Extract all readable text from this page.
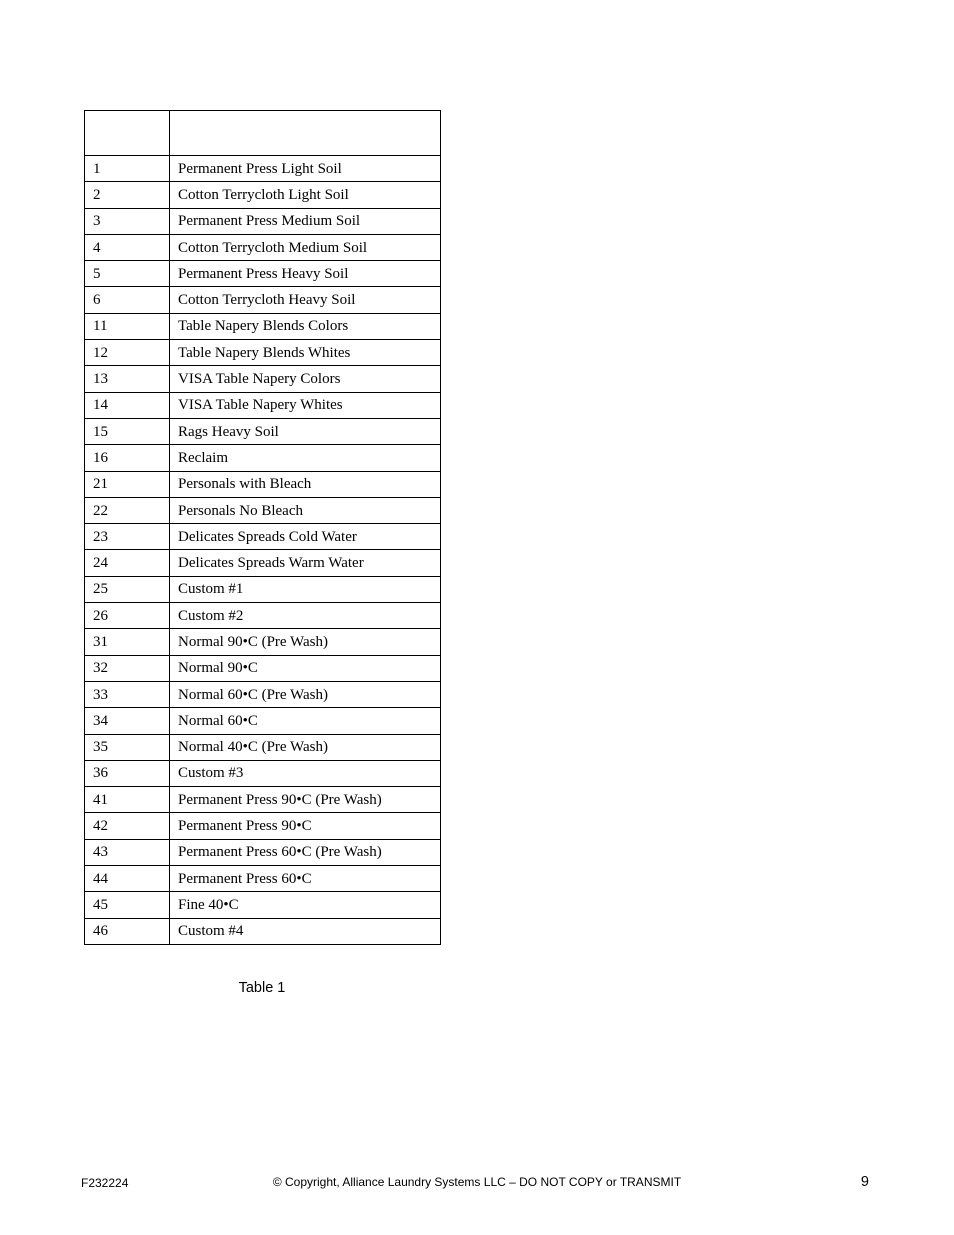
1	Permanent Press Light Soil
2	Cotton Terrycloth Light Soil
3	Permanent Press Medium Soil
4	Cotton Terrycloth Medium Soil
5	Permanent Press Heavy Soil
6	Cotton Terrycloth Heavy Soil
11	Table Napery Blends Colors
12	Table Napery Blends Whites
13	VISA Table Napery Colors
14	VISA Table Napery Whites
15	Rags Heavy Soil
16	Reclaim
21	Personals with Bleach
22	Personals No Bleach
23	Delicates Spreads Cold Water
24	Delicates Spreads Warm Water
25	Custom #1
26	Custom #2
31	Normal 90•C (Pre Wash)
32	Normal 90•C
33	Normal 60•C (Pre Wash)
34	Normal 60•C
35	Normal 40•C (Pre Wash)
36	Custom #3
41	Permanent Press 90•C (Pre Wash)
42	Permanent Press 90•C
43	Permanent Press 60•C (Pre Wash)
44	Permanent Press 60•C
45	Fine 40•C
46	Custom #4
Table 1
F232224	© Copyright, Alliance Laundry Systems LLC – DO NOT COPY or TRANSMIT	9
